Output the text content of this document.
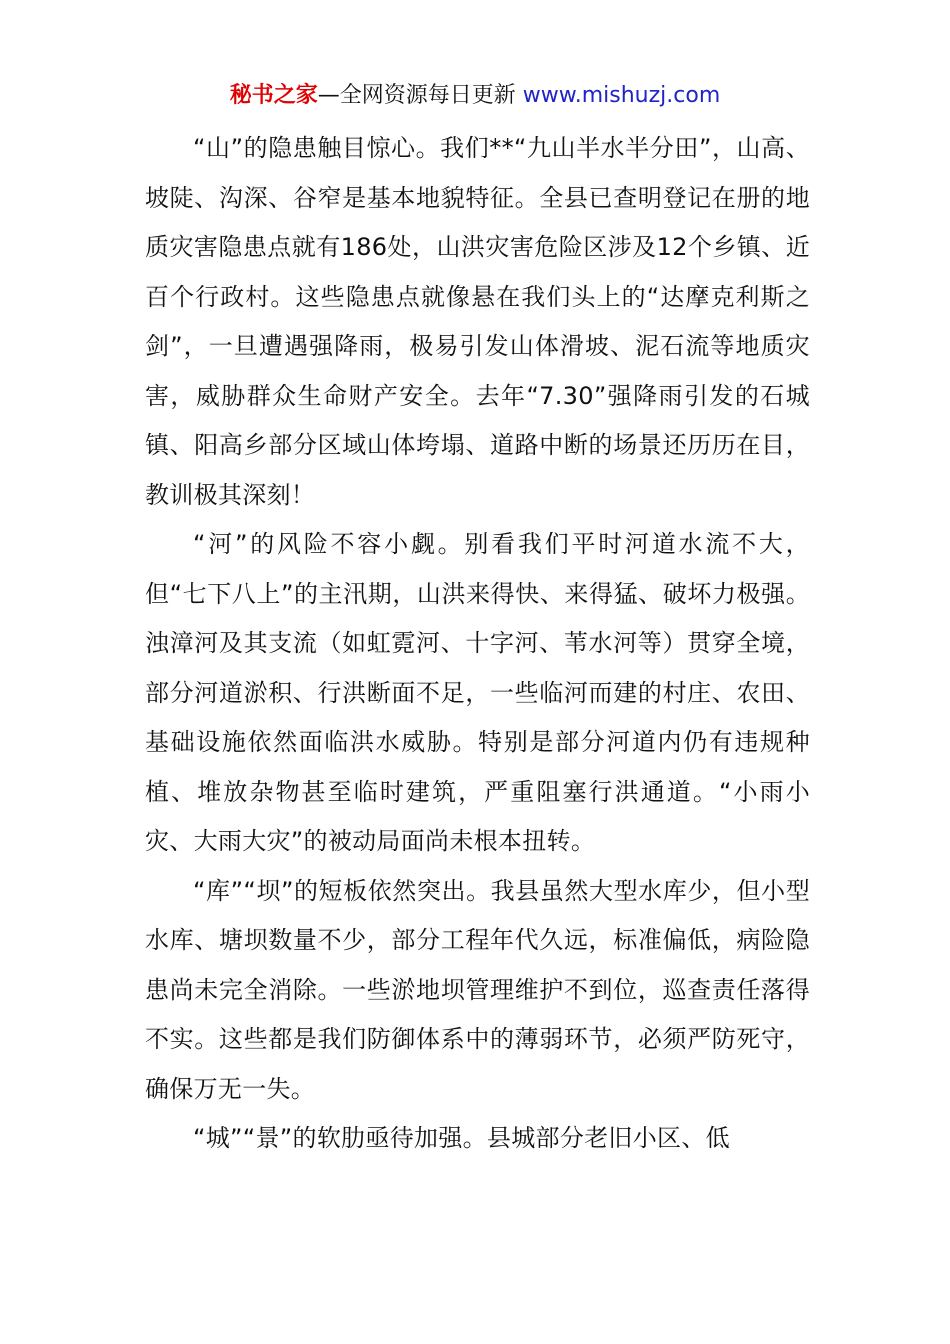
秘书之家—全网资源每日更新 www.mishuzj.com

“山”的隐患触目惊心。我们**“九山半水半分田”，山高、坡陡、沟深、谷窄是基本地貌特征。全县已查明登记在册的地质灾害隐患点就有186处，山洪灾害危险区涉及12个乡镇、近百个行政村。这些隐患点就像悬在我们头上的“达摩克利斯之剑”，一旦遭遇强降雨，极易引发山体滑坡、泥石流等地质灾害，威胁群众生命财产安全。去年“7.30”强降雨引发的石城镇、阳高乡部分区域山体垮塌、道路中断的场景还历历在目，教训极其深刻！

“河”的风险不容小觑。别看我们平时河道水流不大，但“七下八上”的主汛期，山洪来得快、来得猛、破坏力极强。浊漳河及其支流（如虹霓河、十字河、苇水河等）贯穿全境，部分河道淤积、行洪断面不足，一些临河而建的村庄、农田、基础设施依然面临洪水威胁。特别是部分河道内仍有违规种植、堆放杂物甚至临时建筑，严重阻塞行洪通道。“小雨小灾、大雨大灾”的被动局面尚未根本扭转。

“库”“坝”的短板依然突出。我县虽然大型水库少，但小型水库、塘坝数量不少，部分工程年代久远，标准偏低，病险隐患尚未完全消除。一些淤地坝管理维护不到位，巡查责任落得不实。这些都是我们防御体系中的薄弱环节，必须严防死守，确保万无一失。

“城”“景”的软肋亟待加强。县城部分老旧小区、低
